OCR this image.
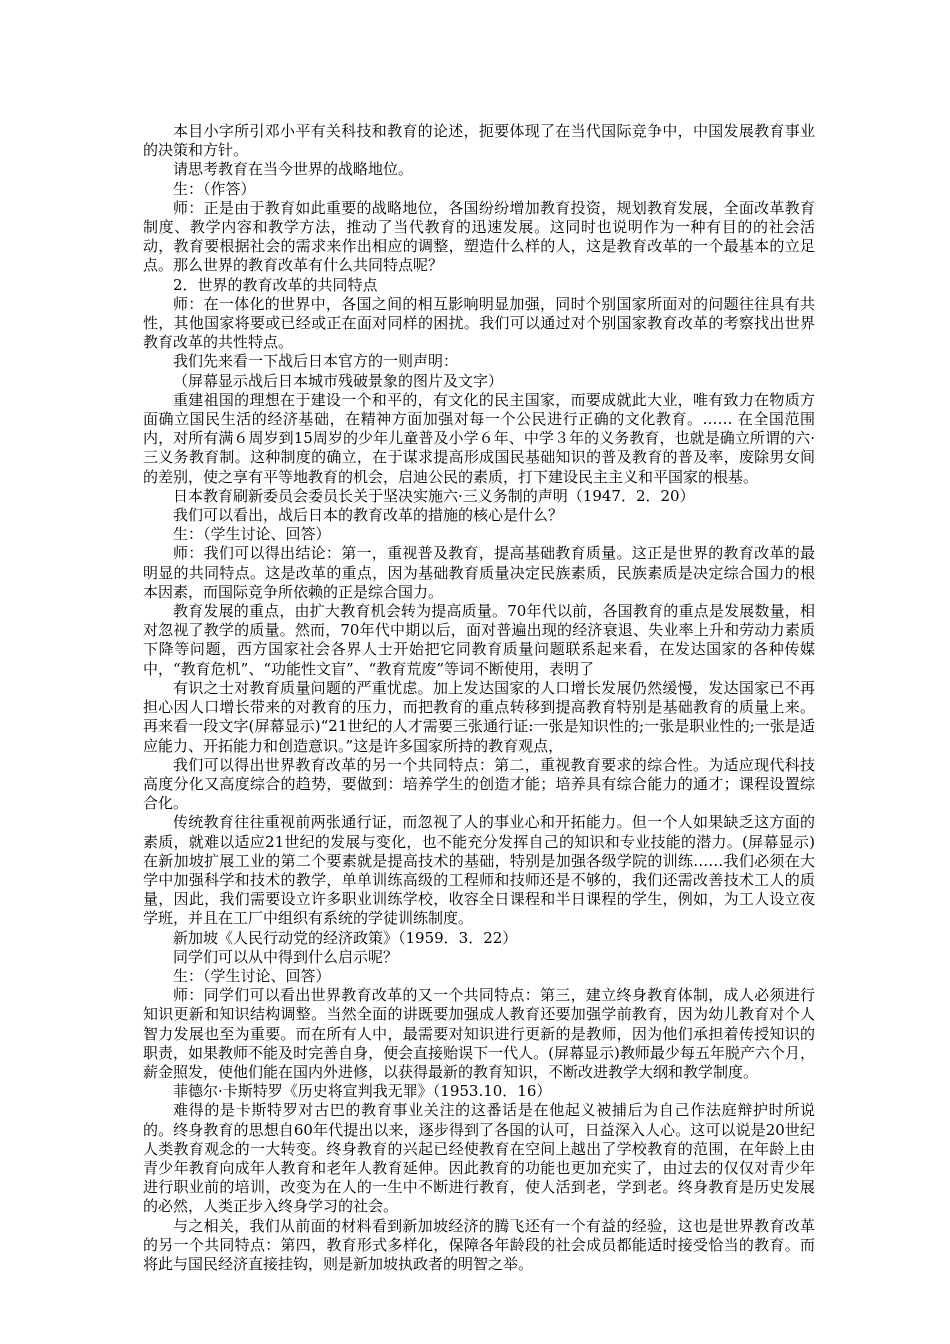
本目小字所引邓小平有关科技和教育的论述，扼要体现了在当代国际竞争中，中国发展教育事业的决策和方针。

请思考教育在当今世界的战略地位。

生：（作答）

师：正是由于教育如此重要的战略地位，各国纷纷增加教育投资，规划教育发展，全面改革教育制度、教学内容和教学方法，推动了当代教育的迅速发展。这同时也说明作为一种有目的的社会活动，教育要根据社会的需求来作出相应的调整，塑造什么样的人，这是教育改革的一个最基本的立足点。那么世界的教育改革有什么共同特点呢？

2．世界的教育改革的共同特点

师：在一体化的世界中，各国之间的相互影响明显加强，同时个别国家所面对的问题往往具有共性，其他国家将要或已经或正在面对同样的困扰。我们可以通过对个别国家教育改革的考察找出世界教育改革的共性特点。

我们先来看一下战后日本官方的一则声明：

（屏幕显示战后日本城市残破景象的图片及文字）

重建祖国的理想在于建设一个和平的，有文化的民主国家，而要成就此大业，唯有致力在物质方面确立国民生活的经济基础，在精神方面加强对每一个公民进行正确的文化教育。…… 在全国范围内，对所有满６周岁到15周岁的少年儿童普及小学６年、中学３年的义务教育，也就是确立所谓的六·三义务教育制。这种制度的确立，在于谋求提高形成国民基础知识的普及教育的普及率，废除男女间的差别，使之享有平等地教育的机会，启迪公民的素质，打下建设民主主义和平国家的根基。

日本教育刷新委员会委员长关于坚决实施六·三义务制的声明（1947．2．20）

我们可以看出，战后日本的教育改革的措施的核心是什么？

生：（学生讨论、回答）

师：我们可以得出结论：第一，重视普及教育，提高基础教育质量。这正是世界的教育改革的最明显的共同特点。这是改革的重点，因为基础教育质量决定民族素质，民族素质是决定综合国力的根本因素，而国际竞争所依赖的正是综合国力。

教育发展的重点，由扩大教育机会转为提高质量。70年代以前，各国教育的重点是发展数量，相对忽视了教学的质量。然而，70年代中期以后，面对普遍出现的经济衰退、失业率上升和劳动力素质下降等问题，西方国家社会各界人士开始把它同教育质量问题联系起来看，在发达国家的各种传媒中，“教育危机”、“功能性文盲”、“教育荒废”等词不断使用，表明了

有识之士对教育质量问题的严重忧虑。加上发达国家的人口增长发展仍然缓慢，发达国家已不再担心因人口增长带来的对教育的压力，而把教育的重点转移到提高教育特别是基础教育的质量上来。再来看一段文字(屏幕显示)“21世纪的人才需要三张通行证:一张是知识性的;一张是职业性的;一张是适应能力、开拓能力和创造意识。”这是许多国家所持的教育观点，

我们可以得出世界教育改革的另一个共同特点：第二，重视教育要求的综合性。为适应现代科技高度分化又高度综合的趋势，要做到：培养学生的创造才能；培养具有综合能力的通才；课程设置综合化。

传统教育往往重视前两张通行证，而忽视了人的事业心和开拓能力。但一个人如果缺乏这方面的素质，就难以适应21世纪的发展与变化，也不能充分发挥自己的知识和专业技能的潜力。(屏幕显示)在新加坡扩展工业的第二个要素就是提高技术的基础，特别是加强各级学院的训练……我们必须在大学中加强科学和技术的教学，单单训练高级的工程师和技师还是不够的，我们还需改善技术工人的质量，因此，我们需要设立许多职业训练学校，收容全日课程和半日课程的学生，例如，为工人设立夜学班，并且在工厂中组织有系统的学徒训练制度。

新加坡《人民行动党的经济政策》（1959．3．22）

同学们可以从中得到什么启示呢？

生：（学生讨论、回答）

师：同学们可以看出世界教育改革的又一个共同特点：第三，建立终身教育体制，成人必须进行知识更新和知识结构调整。当然全面的讲既要加强成人教育还要加强学前教育，因为幼儿教育对个人智力发展也至为重要。而在所有人中，最需要对知识进行更新的是教师，因为他们承担着传授知识的职责，如果教师不能及时完善自身，便会直接贻误下一代人。(屏幕显示)教师最少每五年脱产六个月，薪金照发，使他们能在国内外进修，以获得最新的教育知识，不断改进教学大纲和教学制度。

菲德尔·卡斯特罗《历史将宣判我无罪》（1953.10．16）

难得的是卡斯特罗对古巴的教育事业关注的这番话是在他起义被捕后为自己作法庭辩护时所说的。终身教育的思想自60年代提出以来，逐步得到了各国的认可，日益深入人心。这可以说是20世纪人类教育观念的一大转变。终身教育的兴起已经使教育在空间上越出了学校教育的范围，在年龄上由青少年教育向成年人教育和老年人教育延伸。因此教育的功能也更加充实了，由过去的仅仅对青少年进行职业前的培训，改变为在人的一生中不断进行教育，使人活到老，学到老。终身教育是历史发展的必然，人类正步入终身学习的社会。

与之相关，我们从前面的材料看到新加坡经济的腾飞还有一个有益的经验，这也是世界教育改革的另一个共同特点：第四，教育形式多样化，保障各年龄段的社会成员都能适时接受恰当的教育。而将此与国民经济直接挂钩，则是新加坡执政者的明智之举。
